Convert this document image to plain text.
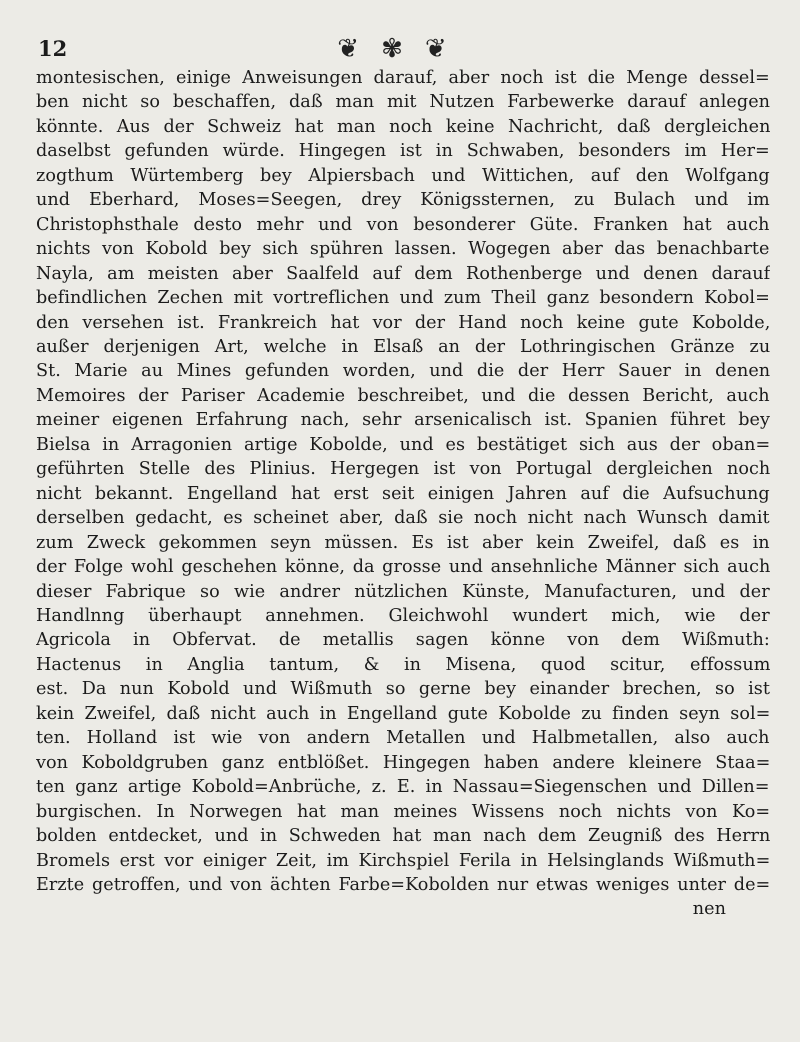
12	❦✾❦
montesischen, einige Anweisungen darauf, aber noch ist die Menge dessel=
ben nicht so beschaffen, daß man mit Nutzen Farbewerke darauf anlegen
könnte. Aus der Schweiz hat man noch keine Nachricht, daß dergleichen
daselbst gefunden würde. Hingegen ist in Schwaben, besonders im Her=
zogthum Würtemberg bey Alpiersbach und Wittichen, auf den Wolfgang
und Eberhard, Moses=Seegen, drey Königssternen, zu Bulach und im
Christophsthale desto mehr und von besonderer Güte. Franken hat auch
nichts von Kobold bey sich spühren lassen. Wogegen aber das benachbarte
Nayla, am meisten aber Saalfeld auf dem Rothenberge und denen darauf
befindlichen Zechen mit vortreflichen und zum Theil ganz besondern Kobol=
den versehen ist. Frankreich hat vor der Hand noch keine gute Kobolde,
außer derjenigen Art, welche in Elsaß an der Lothringischen Gränze zu
St. Marie au Mines gefunden worden, und die der Herr Sauer in denen
Memoires der Pariser Academie beschreibet, und die dessen Bericht, auch
meiner eigenen Erfahrung nach, sehr arsenicalisch ist. Spanien führet bey
Bielsa in Arragonien artige Kobolde, und es bestätiget sich aus der oban=
geführten Stelle des Plinius. Hergegen ist von Portugal dergleichen noch
nicht bekannt. Engelland hat erst seit einigen Jahren auf die Aufsuchung
derselben gedacht, es scheinet aber, daß sie noch nicht nach Wunsch damit
zum Zweck gekommen seyn müssen. Es ist aber kein Zweifel, daß es in
der Folge wohl geschehen könne, da grosse und ansehnliche Männer sich auch
dieser Fabrique so wie andrer nützlichen Künste, Manufacturen, und der
Handlnng überhaupt annehmen. Gleichwohl wundert mich, wie der
Agricola in Obfervat. de metallis sagen könne von dem Wißmuth:
Hactenus in Anglia tantum, & in Misena, quod scitur, effossum
est. Da nun Kobold und Wißmuth so gerne bey einander brechen, so ist
kein Zweifel, daß nicht auch in Engelland gute Kobolde zu finden seyn sol=
ten. Holland ist wie von andern Metallen und Halbmetallen, also auch
von Koboldgruben ganz entblößet. Hingegen haben andere kleinere Staa=
ten ganz artige Kobold=Anbrüche, z. E. in Nassau=Siegenschen und Dillen=
burgischen. In Norwegen hat man meines Wissens noch nichts von Ko=
bolden entdecket, und in Schweden hat man nach dem Zeugniß des Herrn
Bromels erst vor einiger Zeit, im Kirchspiel Ferila in Helsinglands Wißmuth=
Erzte getroffen, und von ächten Farbe=Kobolden nur etwas weniges unter de=
nen
